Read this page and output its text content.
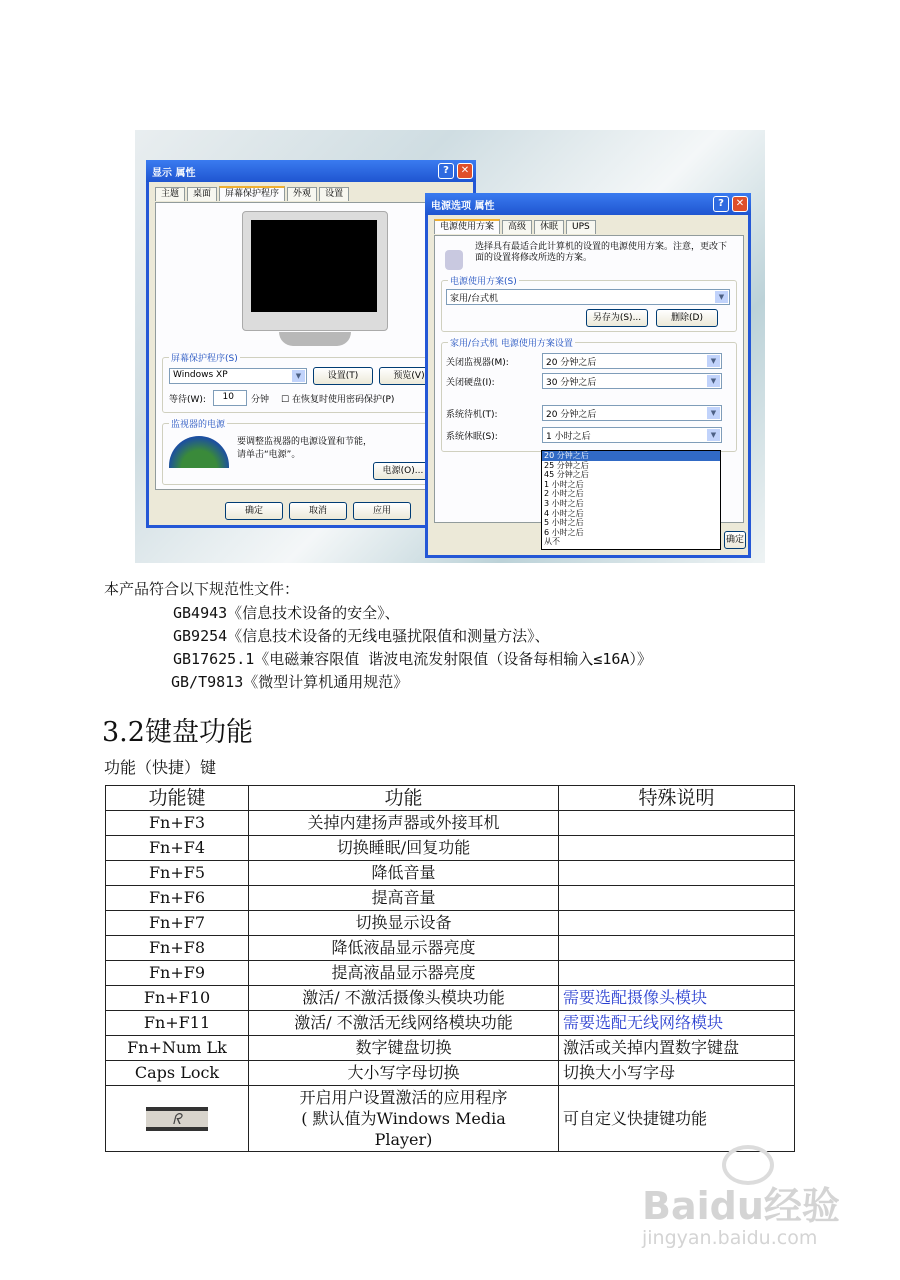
显示 属性	?	✕
主题	桌面	屏幕保护程序	外观	设置
屏幕保护程序(S)
Windows XP	▼	设置(T)	预览(V)
等待(W):	10	分钟 ☐ 在恢复时使用密码保护(P)
监视器的电源
要调整监视器的电源设置和节能，请单击“电源”。
电源(O)...
确定	取消	应用
电源选项 属性	?	✕
电源使用方案	高级	休眠	UPS
选择具有最适合此计算机的设置的电源使用方案。注意，更改下面的设置将修改所选的方案。
电源使用方案(S)
家用/台式机	▼
另存为(S)...	删除(D)
家用/台式机 电源使用方案设置
关闭监视器(M):	20 分钟之后	▼
关闭硬盘(I):	30 分钟之后	▼
系统待机(T):	20 分钟之后	▼
系统休眠(S):	1 小时之后	▼
20 分钟之后
25 分钟之后
45 分钟之后
1 小时之后
2 小时之后
3 小时之后
4 小时之后
5 小时之后
6 小时之后
从不	确定
本产品符合以下规范性文件：
GB4943《信息技术设备的安全》、
GB9254《信息技术设备的无线电骚扰限值和测量方法》、
GB17625.1《电磁兼容限值 谐波电流发射限值（设备每相输入≤16A）》
GB/T9813《微型计算机通用规范》
3.2键盘功能
功能（快捷）键
功能键	功能	特殊说明
Fn+F3	关掉内建扬声器或外接耳机	
Fn+F4	切换睡眠/回复功能	
Fn+F5	降低音量	
Fn+F6	提高音量	
Fn+F7	切换显示设备	
Fn+F8	降低液晶显示器亮度	
Fn+F9	提高液晶显示器亮度	
Fn+F10	激活/ 不激活摄像头模块功能	需要选配摄像头模块
Fn+F11	激活/ 不激活无线网络模块功能	需要选配无线网络模块
Fn+Num Lk	数字键盘切换	激活或关掉内置数字键盘
Caps Lock	大小写字母切换	切换大小写字母
ᖇ	开启用户设置激活的应用程序
( 默认值为Windows Media
Player)	可自定义快捷键功能
Baidu经验
jingyan.baidu.com
